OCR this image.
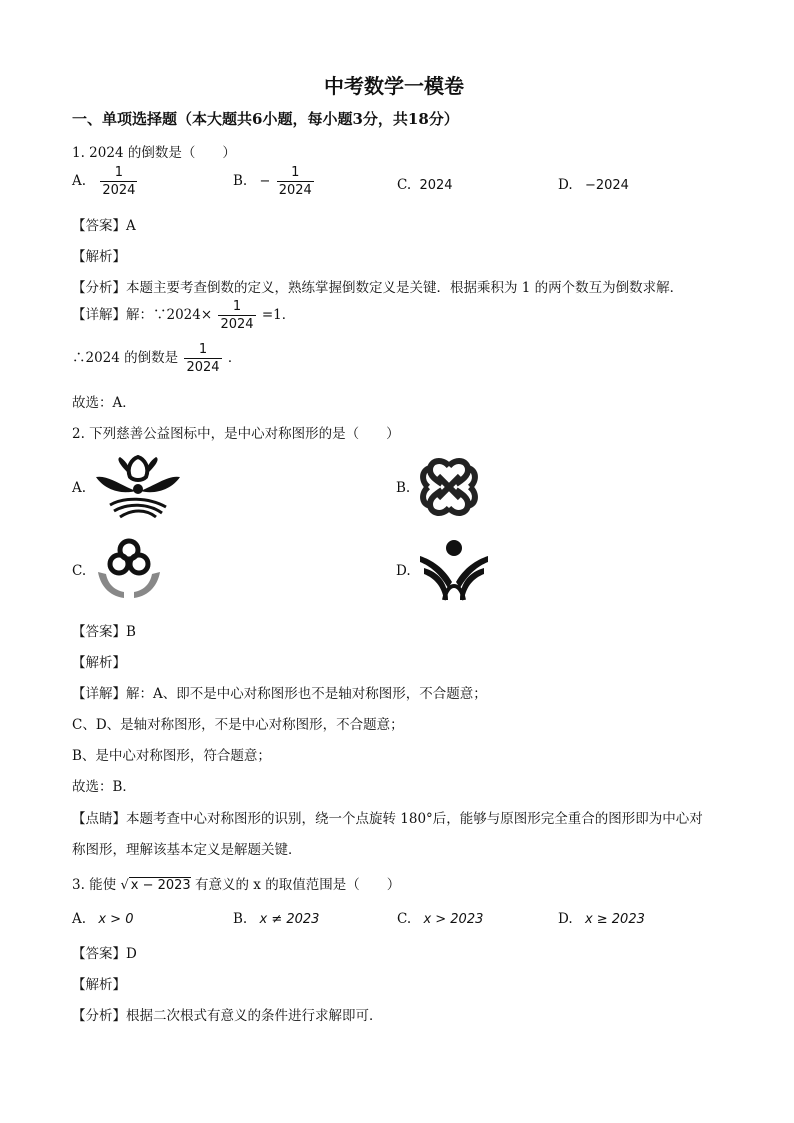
中考数学一模卷
一、单项选择题（本大题共6小题，每小题3分，共18分）
1. 2024 的倒数是（　　）
A. $\frac{1}{2024}$	B. − $\frac{1}{2024}$	C. 2024	D. −2024
【答案】A
【解析】
【分析】本题主要考查倒数的定义，熟练掌握倒数定义是关键．根据乘积为 1 的两个数互为倒数求解．
【详解】解：∵2024× $\frac{1}{2024} =1$．
∴2024 的倒数是 $\frac{1}{2024}$ ．
故选：A．
2. 下列慈善公益图标中，是中心对称图形的是（　　）
A.	B.
C.	D.
【答案】B
【解析】
【详解】解：A、即不是中心对称图形也不是轴对称图形，不合题意；
C、D、是轴对称图形，不是中心对称图形，不合题意；
B、是中心对称图形，符合题意；
故选：B．
【点睛】本题考查中心对称图形的识别，绕一个点旋转 180°后，能够与原图形完全重合的图形即为中心对
称图形，理解该基本定义是解题关键．
3. 能使 √ x − 2023 有意义的 x 的取值范围是（　　）
A. x > 0	B. x ≠ 2023	C. x > 2023	D. x ≥ 2023
【答案】D
【解析】
【分析】根据二次根式有意义的条件进行求解即可．
